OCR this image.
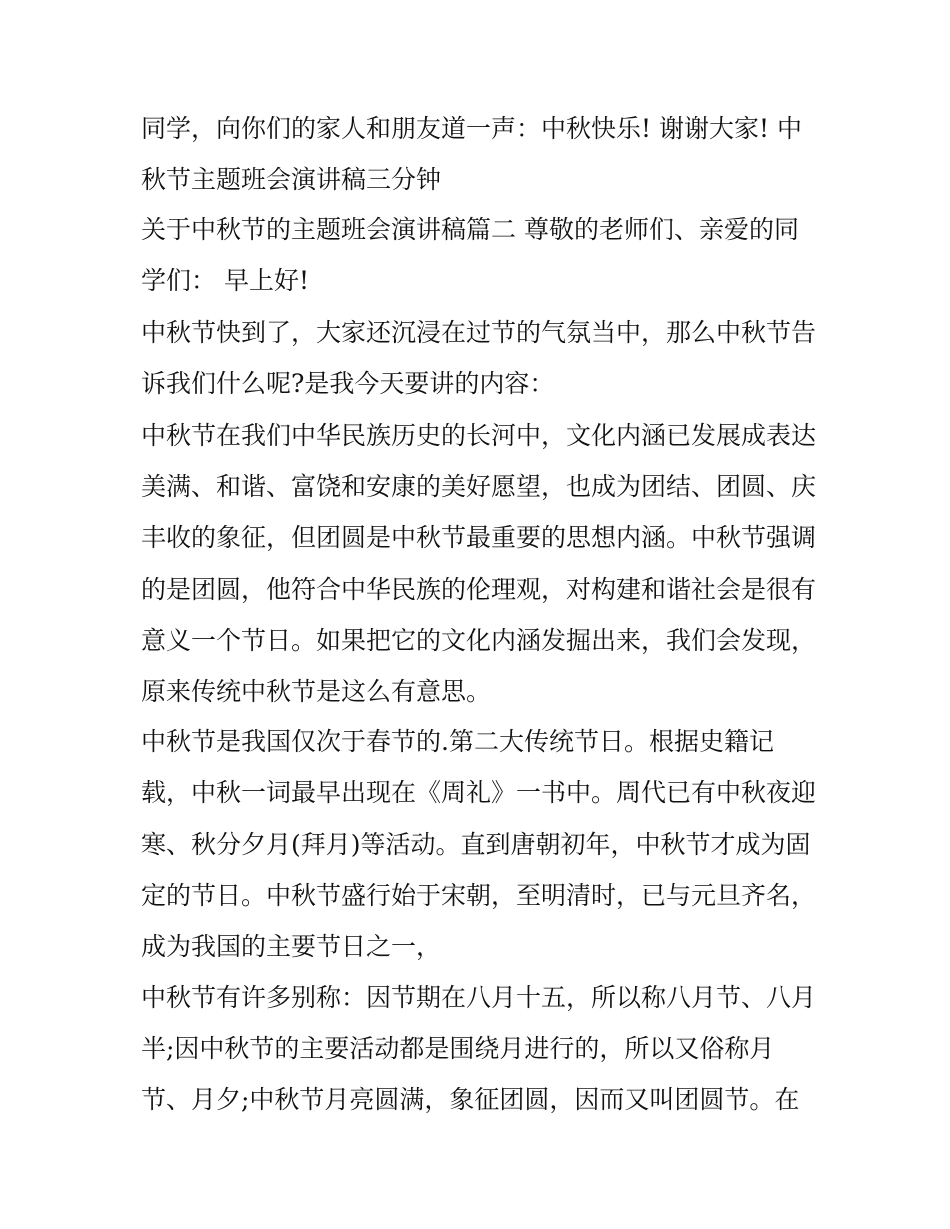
同学，向你们的家人和朋友道一声：中秋快乐! 谢谢大家! 中

秋节主题班会演讲稿三分钟

关于中秋节的主题班会演讲稿篇二 尊敬的老师们、亲爱的同

学们： 早上好!

中秋节快到了，大家还沉浸在过节的气氛当中，那么中秋节告

诉我们什么呢?是我今天要讲的内容：

中秋节在我们中华民族历史的长河中，文化内涵已发展成表达

美满、和谐、富饶和安康的美好愿望，也成为团结、团圆、庆

丰收的象征，但团圆是中秋节最重要的思想内涵。中秋节强调

的是团圆，他符合中华民族的伦理观，对构建和谐社会是很有

意义一个节日。如果把它的文化内涵发掘出来，我们会发现，

原来传统中秋节是这么有意思。

中秋节是我国仅次于春节的.第二大传统节日。根据史籍记

载，中秋一词最早出现在《周礼》一书中。周代已有中秋夜迎

寒、秋分夕月(拜月)等活动。直到唐朝初年，中秋节才成为固

定的节日。中秋节盛行始于宋朝，至明清时，已与元旦齐名，

成为我国的主要节日之一，

中秋节有许多别称：因节期在八月十五，所以称八月节、八月

半;因中秋节的主要活动都是围绕月进行的，所以又俗称月

节、月夕;中秋节月亮圆满，象征团圆，因而又叫团圆节。在
